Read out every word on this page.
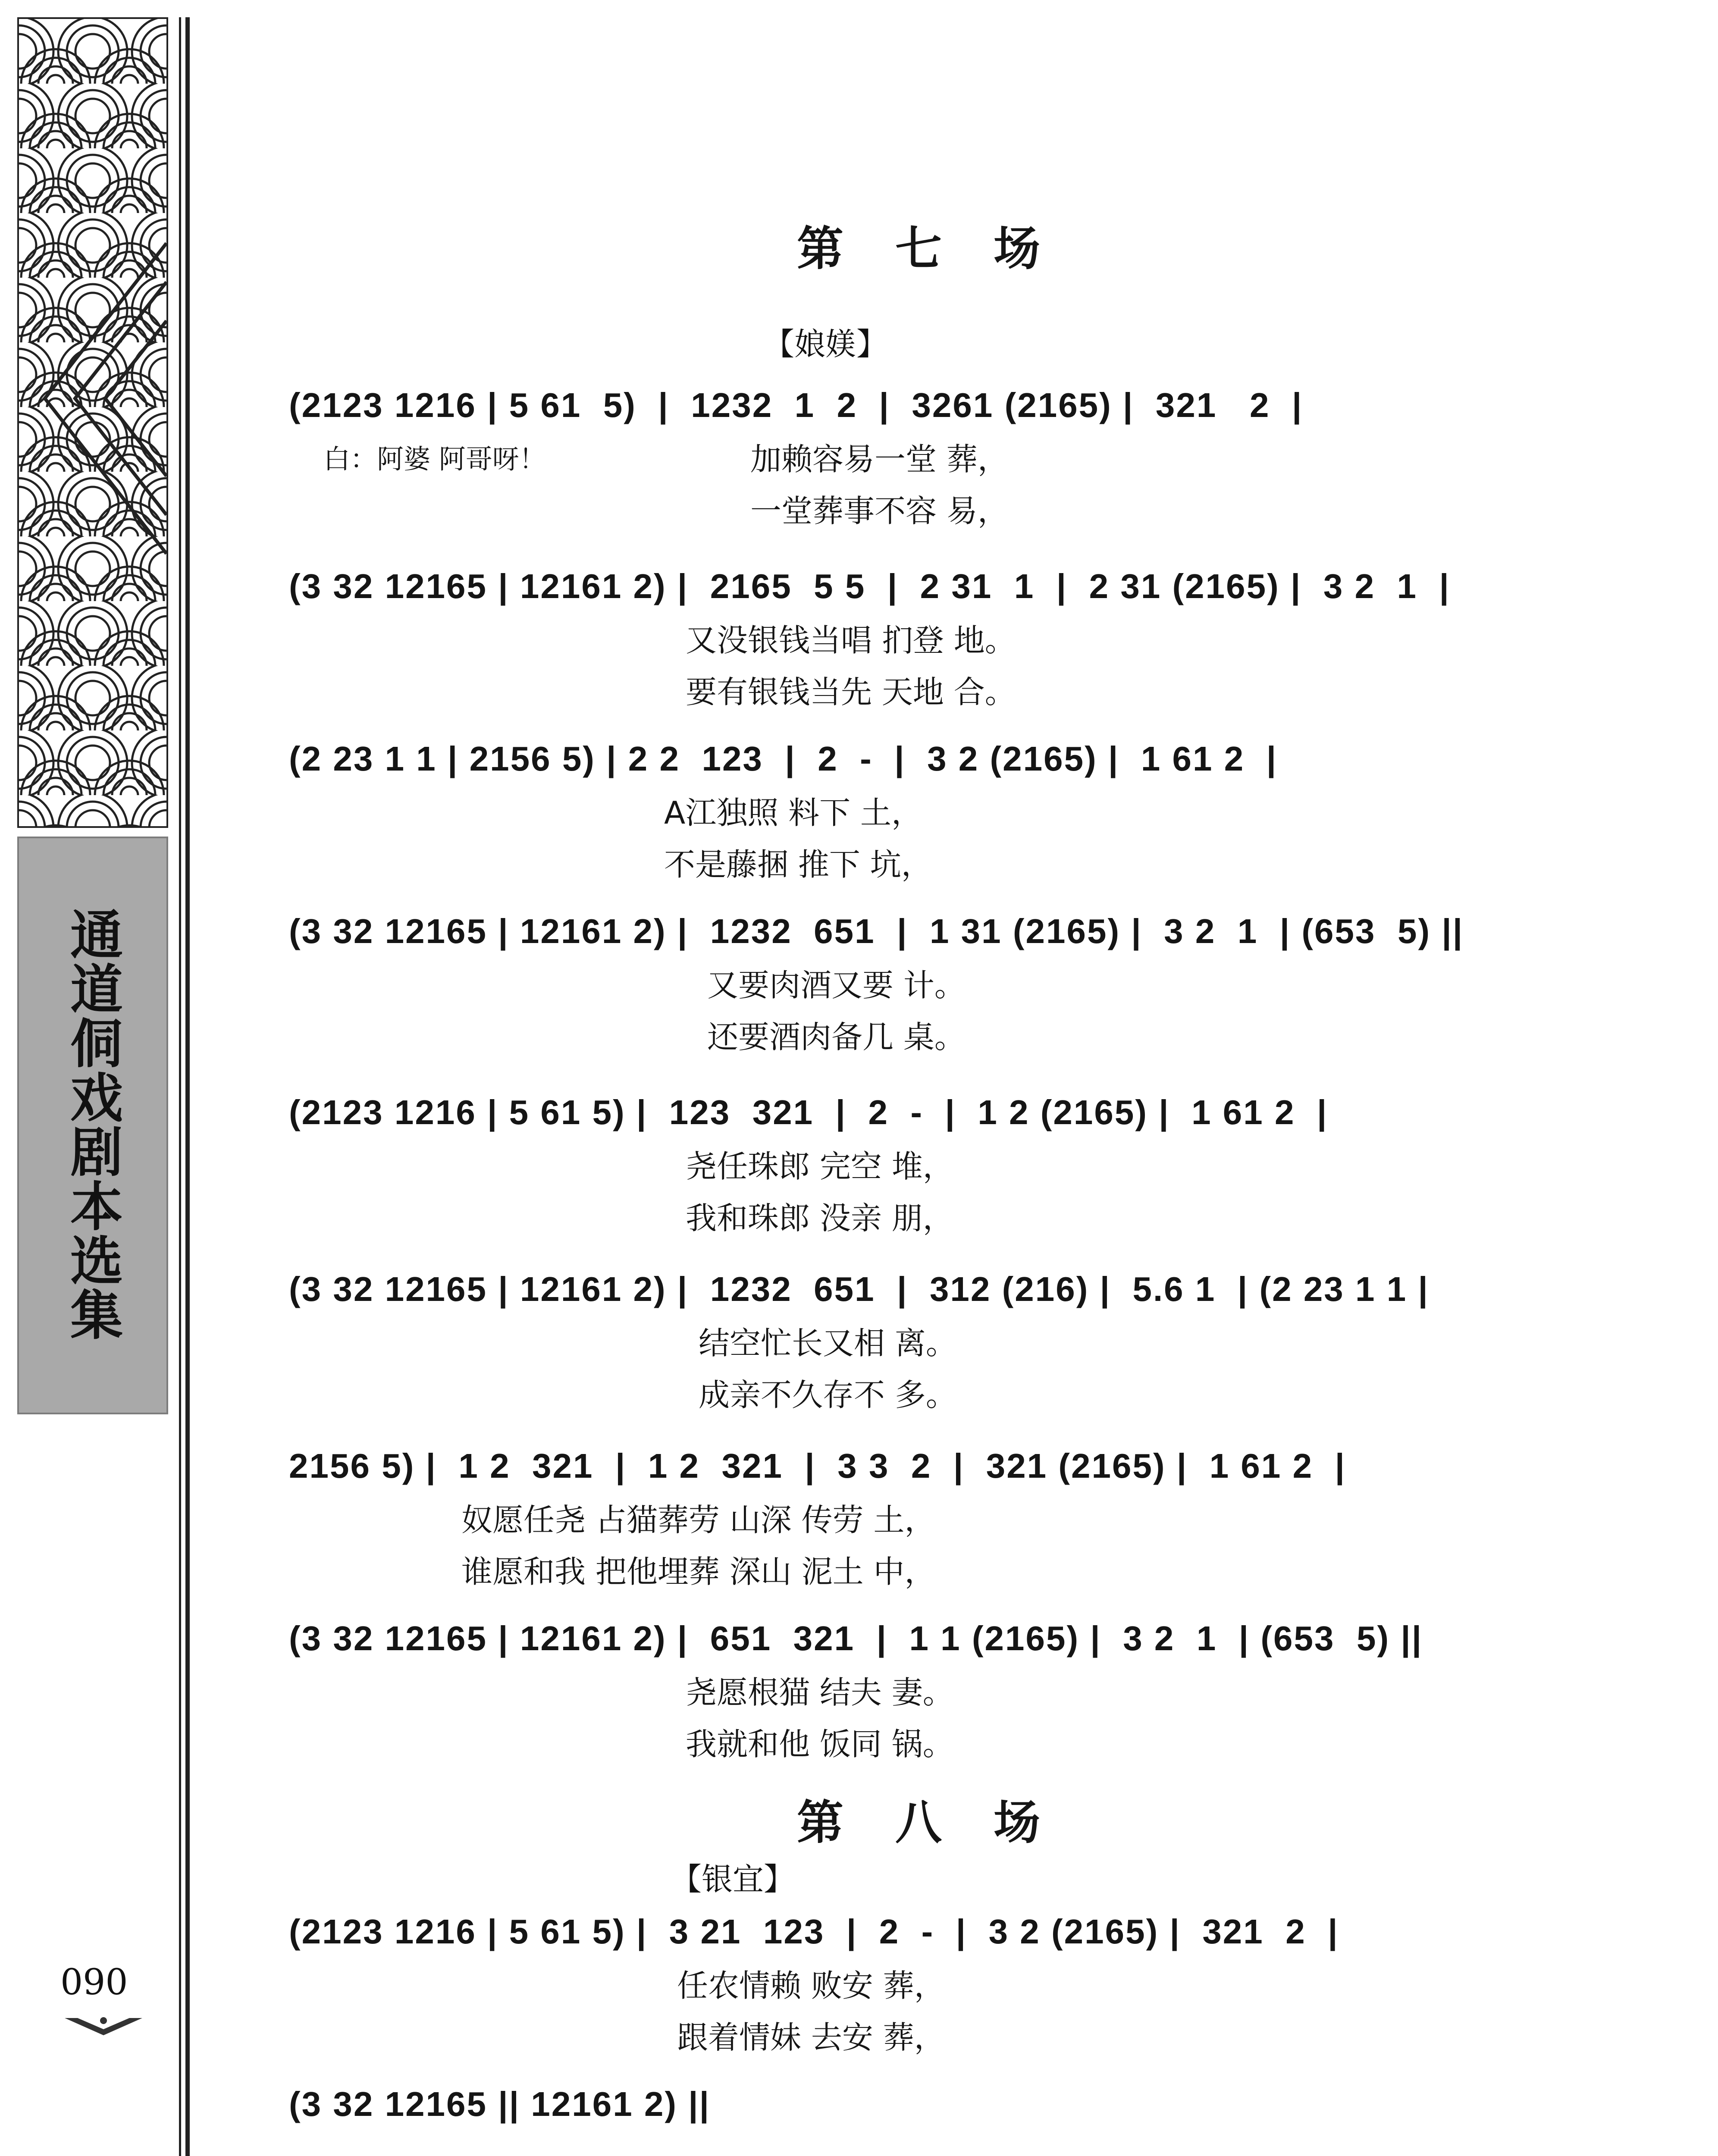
通道侗戏剧本选集
090
第七场
【娘媄】
(2123 1216 | 5 61  5)  |  1232  1  2  |  3261 (2165) |  321   2  |
白：阿婆 阿哥呀！	加赖容易一堂 葬，
一堂葬事不容 易，
(3 32 12165 | 12161 2) |  2165  5 5  |  2 31  1  |  2 31 (2165) |  3 2  1  |
又没银钱当唱 扪登 地。
要有银钱当先 天地 合。
(2 23 1 1 | 2156 5) | 2 2  123  |  2  -  |  3 2 (2165) |  1 61 2  |
A江独照 料下 土，
不是藤捆 推下 坑，
(3 32 12165 | 12161 2) |  1232  651  |  1 31 (2165) |  3 2  1  | (653  5) ||
又要肉酒又要 计。
还要酒肉备几 桌。
(2123 1216 | 5 61 5) |  123  321  |  2  -  |  1 2 (2165) |  1 61 2  |
尧任珠郎 完空 堆，
我和珠郎 没亲 朋，
(3 32 12165 | 12161 2) |  1232  651  |  312 (216) |  5.6 1  | (2 23 1 1 |
结空忙长又相 离。
成亲不久存不 多。
2156 5) |  1 2  321  |  1 2  321  |  3 3  2  |  321 (2165) |  1 61 2  |
奴愿任尧 占猫葬劳 山深 传劳 土，
谁愿和我 把他埋葬 深山 泥土 中，
(3 32 12165 | 12161 2) |  651  321  |  1 1 (2165) |  3 2  1  | (653  5) ||
尧愿根猫 结夫 妻。
我就和他 饭同 锅。
第八场
【银宜】
(2123 1216 | 5 61 5) |  3 21  123  |  2  -  |  3 2 (2165) |  321  2  |
任农情赖 败安 葬，
跟着情妹 去安 葬，
(3 32 12165 || 12161 2) ||
